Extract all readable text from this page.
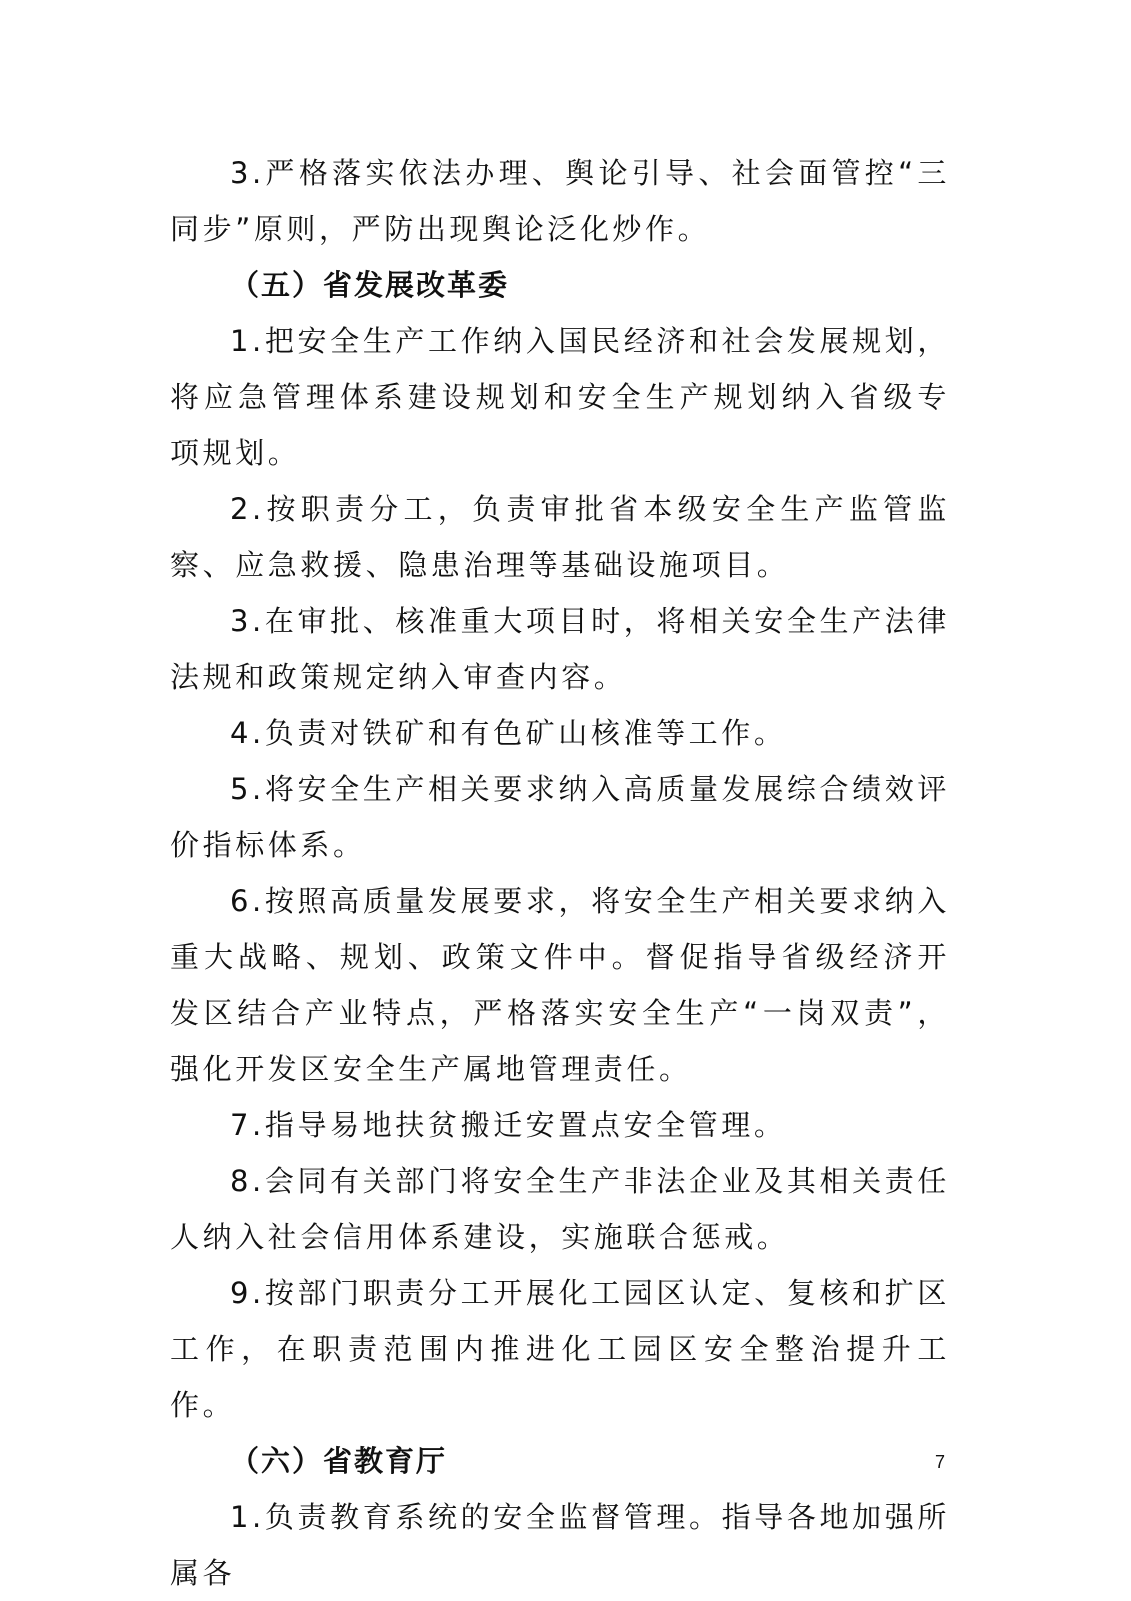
3.严格落实依法办理、舆论引导、社会面管控“三同步”原则，严防出现舆论泛化炒作。

（五）省发展改革委

1.把安全生产工作纳入国民经济和社会发展规划，将应急管理体系建设规划和安全生产规划纳入省级专项规划。

2.按职责分工，负责审批省本级安全生产监管监察、应急救援、隐患治理等基础设施项目。

3.在审批、核准重大项目时，将相关安全生产法律法规和政策规定纳入审查内容。

4.负责对铁矿和有色矿山核准等工作。

5.将安全生产相关要求纳入高质量发展综合绩效评价指标体系。

6.按照高质量发展要求，将安全生产相关要求纳入重大战略、规划、政策文件中。督促指导省级经济开发区结合产业特点，严格落实安全生产“一岗双责”，强化开发区安全生产属地管理责任。

7.指导易地扶贫搬迁安置点安全管理。

8.会同有关部门将安全生产非法企业及其相关责任人纳入社会信用体系建设，实施联合惩戒。

9.按部门职责分工开展化工园区认定、复核和扩区工作，在职责范围内推进化工园区安全整治提升工作。

（六）省教育厅

1.负责教育系统的安全监督管理。指导各地加强所属各

7
